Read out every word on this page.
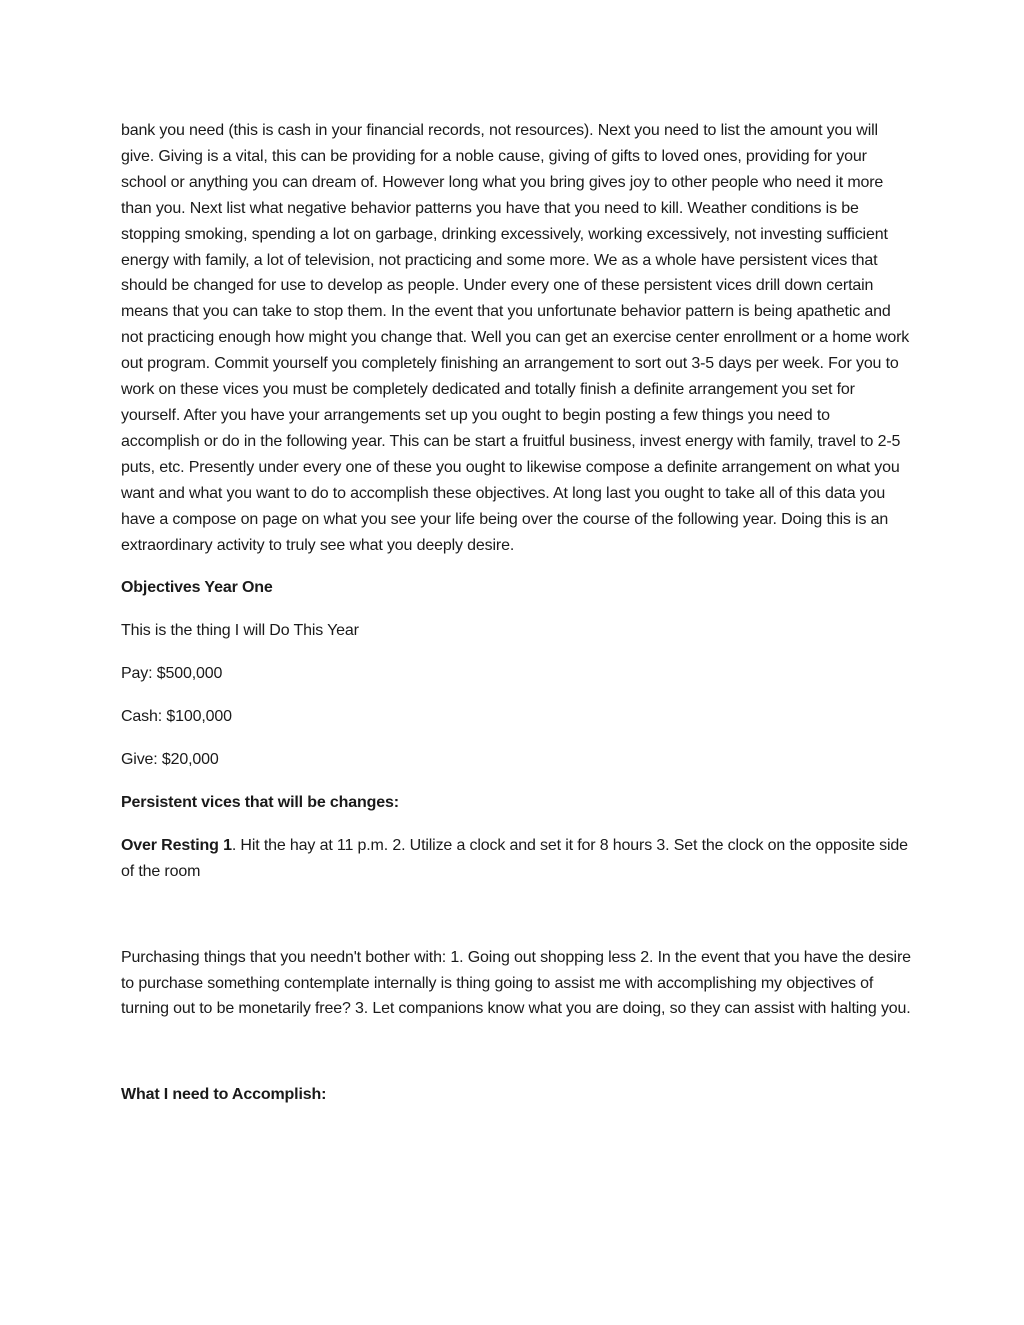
bank you need (this is cash in your financial records, not resources). Next you need to list the amount you will give. Giving is a vital, this can be providing for a noble cause, giving of gifts to loved ones, providing for your school or anything you can dream of. However long what you bring gives joy to other people who need it more than you. Next list what negative behavior patterns you have that you need to kill. Weather conditions is be stopping smoking, spending a lot on garbage, drinking excessively, working excessively, not investing sufficient energy with family, a lot of television, not practicing and some more. We as a whole have persistent vices that should be changed for use to develop as people. Under every one of these persistent vices drill down certain means that you can take to stop them. In the event that you unfortunate behavior pattern is being apathetic and not practicing enough how might you change that. Well you can get an exercise center enrollment or a home work out program. Commit yourself you completely finishing an arrangement to sort out 3-5 days per week. For you to work on these vices you must be completely dedicated and totally finish a definite arrangement you set for yourself. After you have your arrangements set up you ought to begin posting a few things you need to accomplish or do in the following year. This can be start a fruitful business, invest energy with family, travel to 2-5 puts, etc. Presently under every one of these you ought to likewise compose a definite arrangement on what you want and what you want to do to accomplish these objectives. At long last you ought to take all of this data you have a compose on page on what you see your life being over the course of the following year. Doing this is an extraordinary activity to truly see what you deeply desire.

Objectives Year One

This is the thing I will Do This Year

Pay: $500,000

Cash: $100,000

Give: $20,000

Persistent vices that will be changes:

Over Resting 1. Hit the hay at 11 p.m. 2. Utilize a clock and set it for 8 hours 3. Set the clock on the opposite side of the room

Purchasing things that you needn't bother with: 1. Going out shopping less 2. In the event that you have the desire to purchase something contemplate internally is thing going to assist me with accomplishing my objectives of turning out to be monetarily free? 3. Let companions know what you are doing, so they can assist with halting you.

What I need to Accomplish:
